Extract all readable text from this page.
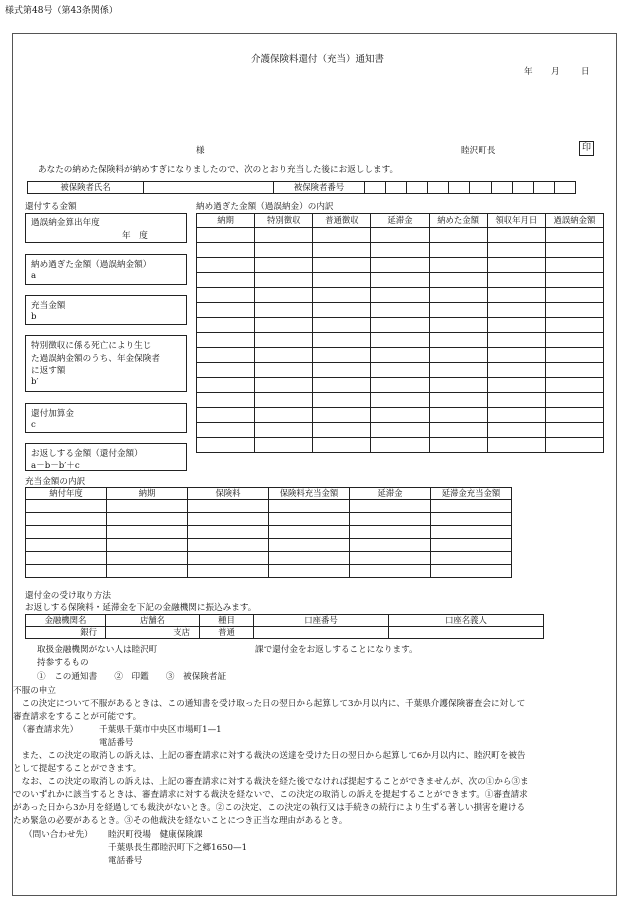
様式第48号（第43条関係）
介護保険料還付（充当）通知書
年 月 日
様	睦沢町長	印
あなたの納めた保険料が納めすぎになりましたので、次のとおり充当した後にお返しします。
被保険者氏名		被保険者番号										
還付する金額	納め過ぎた金額（過誤納金）の内訳
過誤納金算出年度
年　度
納め過ぎた金額（過誤納金額）
a
充当金額
b
特別徴収に係る死亡により生じ
た過誤納金額のうち、年金保険者
に返す額
b′
還付加算金
c
お返しする金額（還付金額）
a－b－b′＋c
納期	特別徴収	普通徴収	延滞金	納めた金額	領収年月日	過誤納金額

充当金額の内訳
納付年度	納期	保険料	保険料充当金額	延滞金	延滞金充当金額

還付金の受け取り方法
お返しする保険料・延滞金を下記の金融機関に振込みます。
金融機関名	店舗名	種目	口座番号	口座名義人
銀行	支店	普通		
取扱金融機関がない人は睦沢町	課で還付金をお返しすることになります。
持参するもの
①　この通知書　　②　印鑑　　③　被保険者証
不服の申立
　この決定について不服があるときは、この通知書を受け取った日の翌日から起算して3か月以内に、千葉県介護保険審査会に対して
審査請求をすることが可能です。
（審査請求先） 千葉県千葉市中央区市場町1—1
電話番号
　また、この決定の取消しの訴えは、上記の審査請求に対する裁決の送達を受けた日の翌日から起算して6か月以内に、睦沢町を被告
として提起することができます。
　なお、この決定の取消しの訴えは、上記の審査請求に対する裁決を経た後でなければ提起することができませんが、次の①から③ま
でのいずれかに該当するときは、審査請求に対する裁決を経ないで、この決定の取消しの訴えを提起することができます。①審査請求
があった日から3か月を経過しても裁決がないとき。②この決定、この決定の執行又は手続きの続行により生ずる著しい損害を避ける
ため緊急の必要があるとき。③その他裁決を経ないことにつき正当な理由があるとき。
（問い合わせ先） 睦沢町役場　健康保険課
千葉県長生郡睦沢町下之郷1650—1
電話番号
